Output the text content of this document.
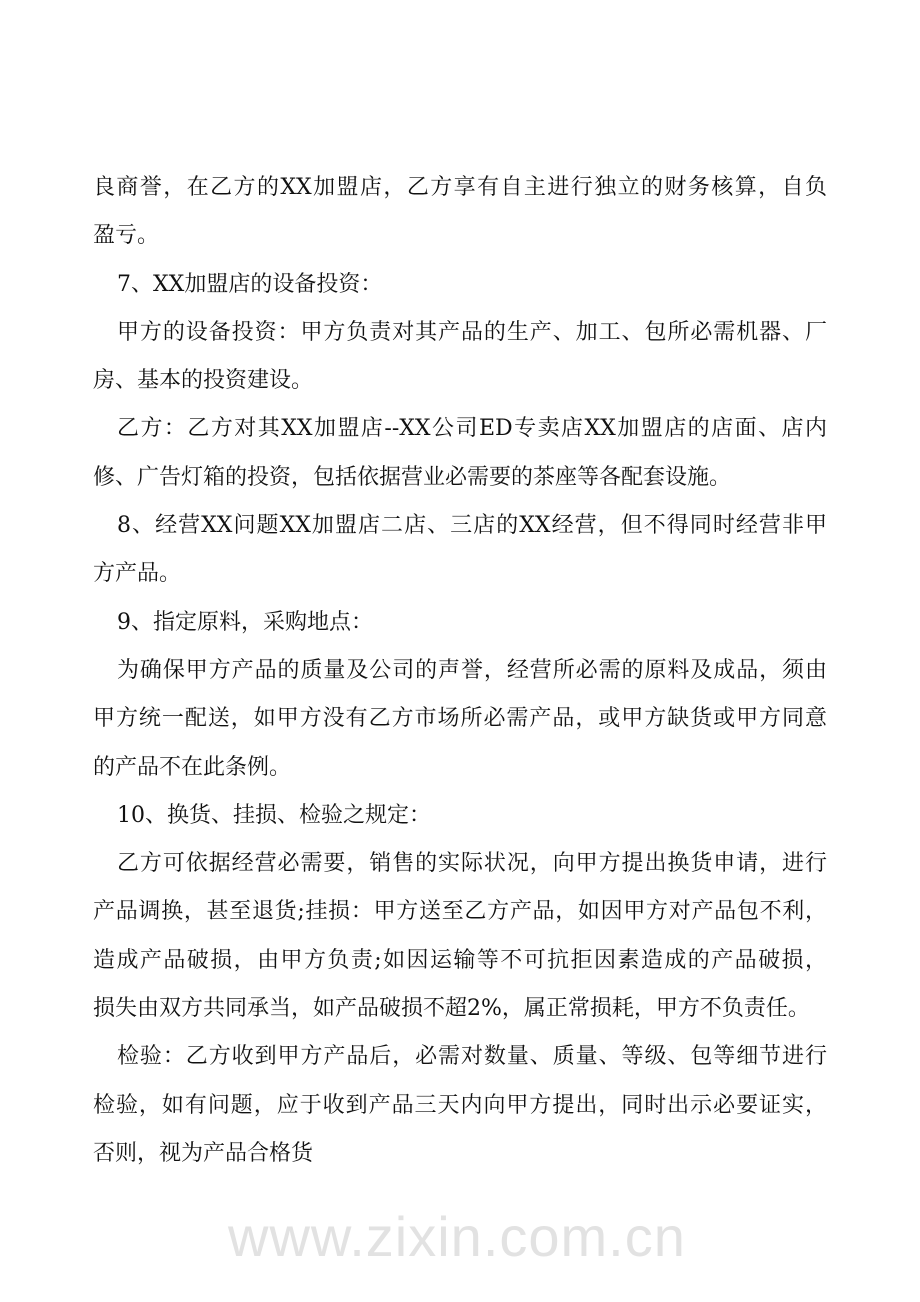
良商誉，在乙方的XX加盟店，乙方享有自主进行独立的财务核算，自负
盈亏。
7、XX加盟店的设备投资：
甲方的设备投资：甲方负责对其产品的生产、加工、包所必需机器、厂
房、基本的投资建设。
乙方：乙方对其XX加盟店--XX公司ED专卖店XX加盟店的店面、店内
修、广告灯箱的投资，包括依据营业必需要的茶座等各配套设施。
8、经营XX问题XX加盟店二店、三店的XX经营，但不得同时经营非甲
方产品。
9、指定原料，采购地点：
为确保甲方产品的质量及公司的声誉，经营所必需的原料及成品，须由
甲方统一配送，如甲方没有乙方市场所必需产品，或甲方缺货或甲方同意
的产品不在此条例。
10、换货、挂损、检验之规定：
乙方可依据经营必需要，销售的实际状况，向甲方提出换货申请，进行
产品调换，甚至退货;挂损：甲方送至乙方产品，如因甲方对产品包不利，
造成产品破损，由甲方负责;如因运输等不可抗拒因素造成的产品破损，
损失由双方共同承当，如产品破损不超2%，属正常损耗，甲方不负责任。
检验：乙方收到甲方产品后，必需对数量、质量、等级、包等细节进行
检验，如有问题，应于收到产品三天内向甲方提出，同时出示必要证实，
否则，视为产品合格货
www.zixin.com.cn
